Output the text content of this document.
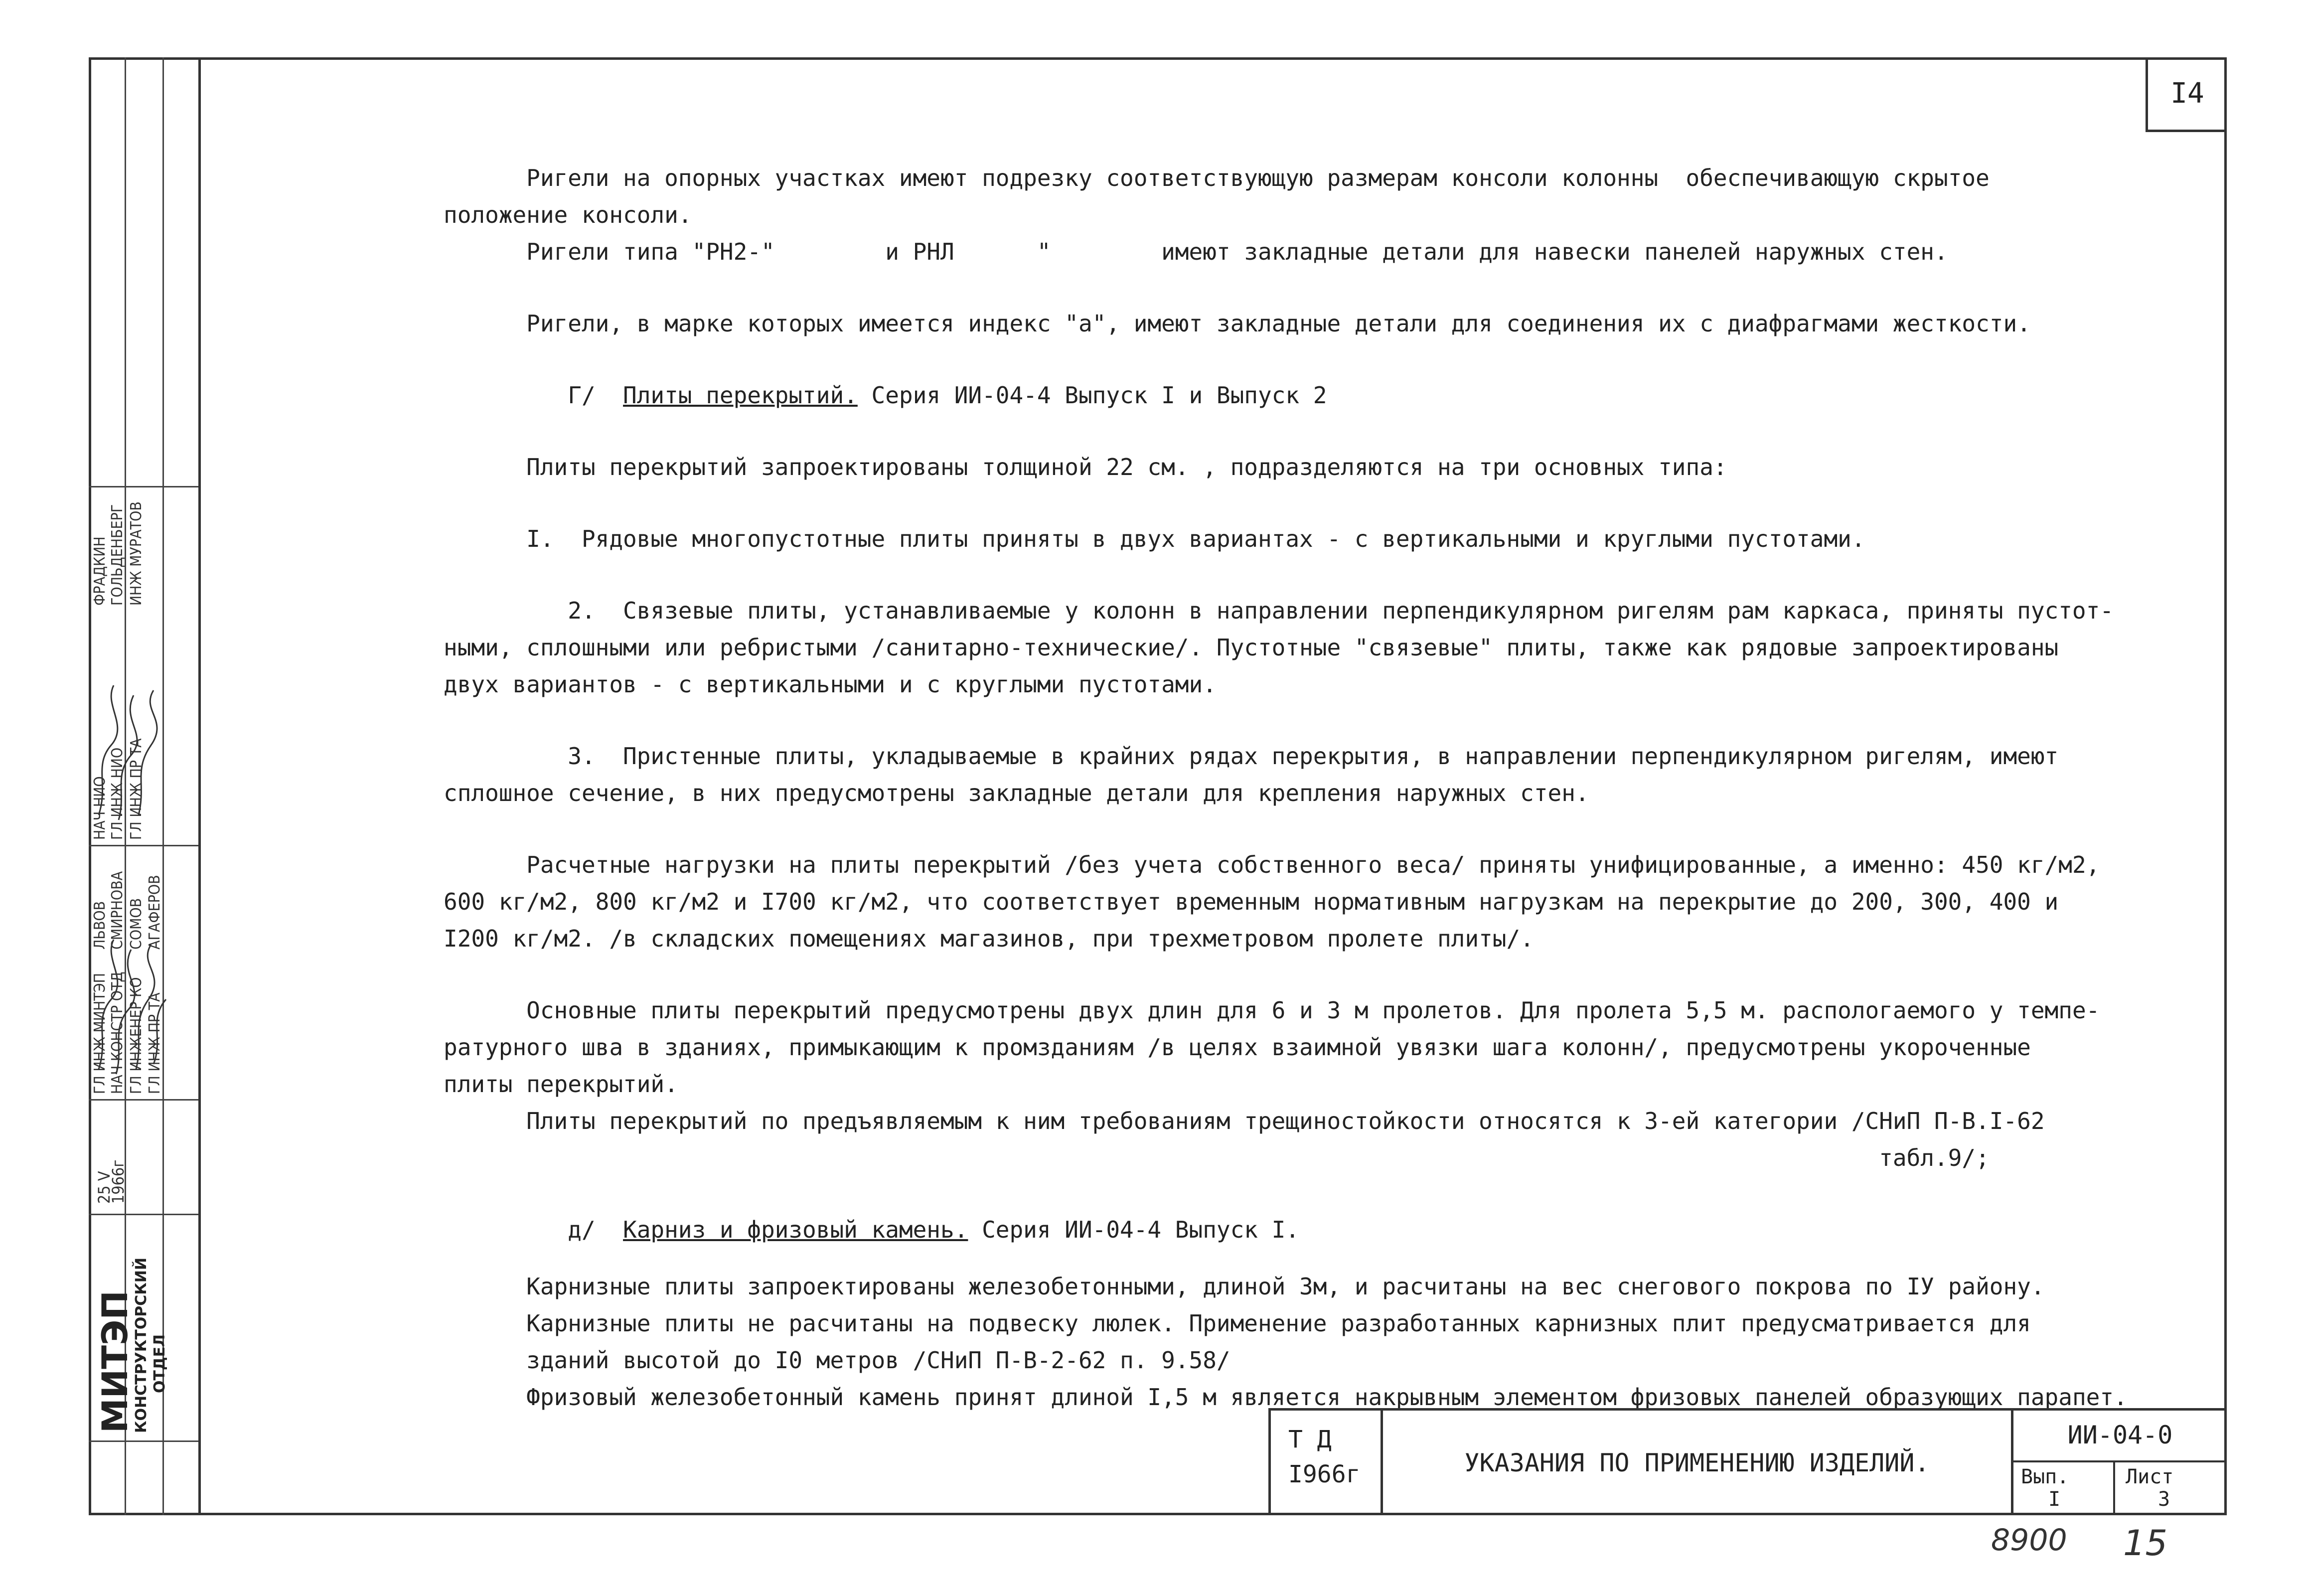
МИТЭП
КОНСТРУКТОРСКИЙ ОТДЕЛ
25 V
1966г
ГЛ ИНЖ МИНТЭП
ЛЬВОВ
НАЧ КОНСТР ОТД
СМИРНОВА
ГЛ ИНЖЕНЕР КО
СОМОВ
ГЛ ИНЖ ПР ТА
АГАФЕРОВ
НАЧ НИО
ФРАДКИН
ГЛ ИНЖ НИО
ГОЛЬДЕНБЕРГ
ГЛ ИНЖ ПР ТА
ИНЖ МУРАТОВ
I4

Ригели на опорных участках имеют подрезку соответствующую размерам консоли колонны  обеспечивающую скрытое

положение консоли.

Ригели типа "РН2-"        и РНЛ      "        имеют закладные детали для навески панелей наружных стен.

Ригели, в марке которых имеется индекс "а", имеют закладные детали для соединения их с диафрагмами жесткости.

Г/  Плиты перекрытий. Серия ИИ-04-4 Выпуск I и Выпуск 2

Плиты перекрытий запроектированы толщиной 22 см. , подразделяются на три основных типа:

I.  Рядовые многопустотные плиты приняты в двух вариантах - с вертикальными и круглыми пустотами.

2.  Связевые плиты, устанавливаемые у колонн в направлении перпендикулярном ригелям рам каркаса, приняты пустот-

ными, сплошными или ребристыми /санитарно-технические/. Пустотные "связевые" плиты, также как рядовые запроектированы

двух вариантов - с вертикальными и с круглыми пустотами.

3.  Пристенные плиты, укладываемые в крайних рядах перекрытия, в направлении перпендикулярном ригелям, имеют

сплошное сечение, в них предусмотрены закладные детали для крепления наружных стен.

Расчетные нагрузки на плиты перекрытий /без учета собственного веса/ приняты унифицированные, а именно: 450 кг/м2,

600 кг/м2, 800 кг/м2 и I700 кг/м2, что соответствует временным нормативным нагрузкам на перекрытие до 200, 300, 400 и

I200 кг/м2. /в складских помещениях магазинов, при трехметровом пролете плиты/.

Основные плиты перекрытий предусмотрены двух длин для 6 и 3 м пролетов. Для пролета 5,5 м. распологаемого у темпе-

ратурного шва в зданиях, примыкающим к промзданиям /в целях взаимной увязки шага колонн/, предусмотрены укороченные

плиты перекрытий.

Плиты перекрытий по предъявляемым к ним требованиям трещиностойкости относятся к 3-ей категории /СНиП П-В.I-62

табл.9/;

д/  Карниз и фризовый камень. Серия ИИ-04-4 Выпуск I.

Карнизные плиты запроектированы железобетонными, длиной 3м, и расчитаны на вес снегового покрова по IУ району.

Карнизные плиты не расчитаны на подвеску люлек. Применение разработанных карнизных плит предусматривается для

зданий высотой до I0 метров /СНиП П-В-2-62 п. 9.58/

Фризовый железобетонный камень принят длиной I,5 м является накрывным элементом фризовых панелей образующих парапет.

Т Д
I966г	УКАЗАНИЯ ПО ПРИМЕНЕНИЮ ИЗДЕЛИЙ.
ИИ-04-0
Вып.
I
Лист
3
8900 15
